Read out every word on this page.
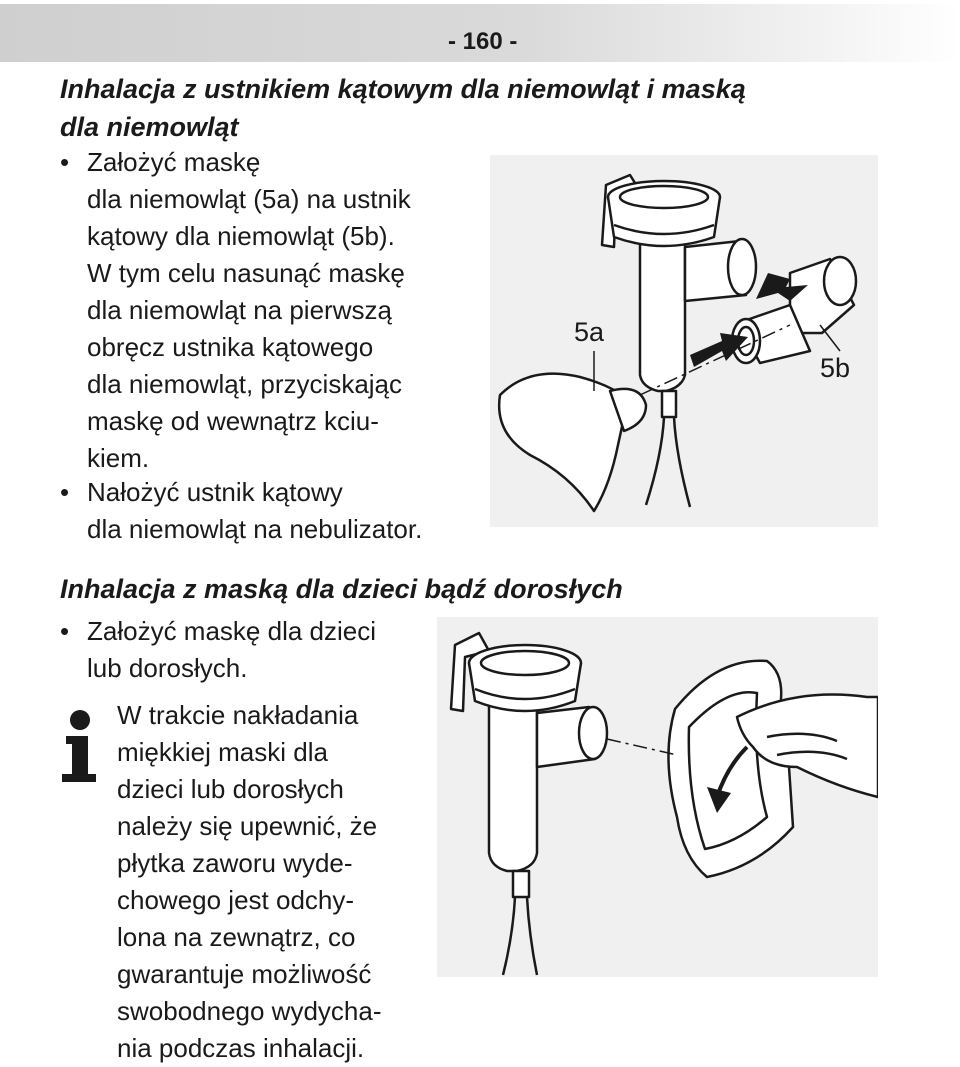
- 160 -
Inhalacja z ustnikiem kątowym dla niemowląt i maską
dla niemowląt
• Założyć maskę
dla niemowląt (5a) na ustnik
kątowy dla niemowląt (5b).
W tym celu nasunąć maskę
dla niemowląt na pierwszą
obręcz ustnika kątowego
dla niemowląt, przyciskając
maskę od wewnątrz kciu-
kiem.
• Nałożyć ustnik kątowy
dla niemowląt na nebulizator.
5a
5b
Inhalacja z maską dla dzieci bądź dorosłych
• Założyć maskę dla dzieci
lub dorosłych.
W trakcie nakładania
miękkiej maski dla
dzieci lub dorosłych
należy się upewnić, że
płytka zaworu wyde-
chowego jest odchy-
lona na zewnątrz, co
gwarantuje możliwość
swobodnego wydycha-
nia podczas inhalacji.
